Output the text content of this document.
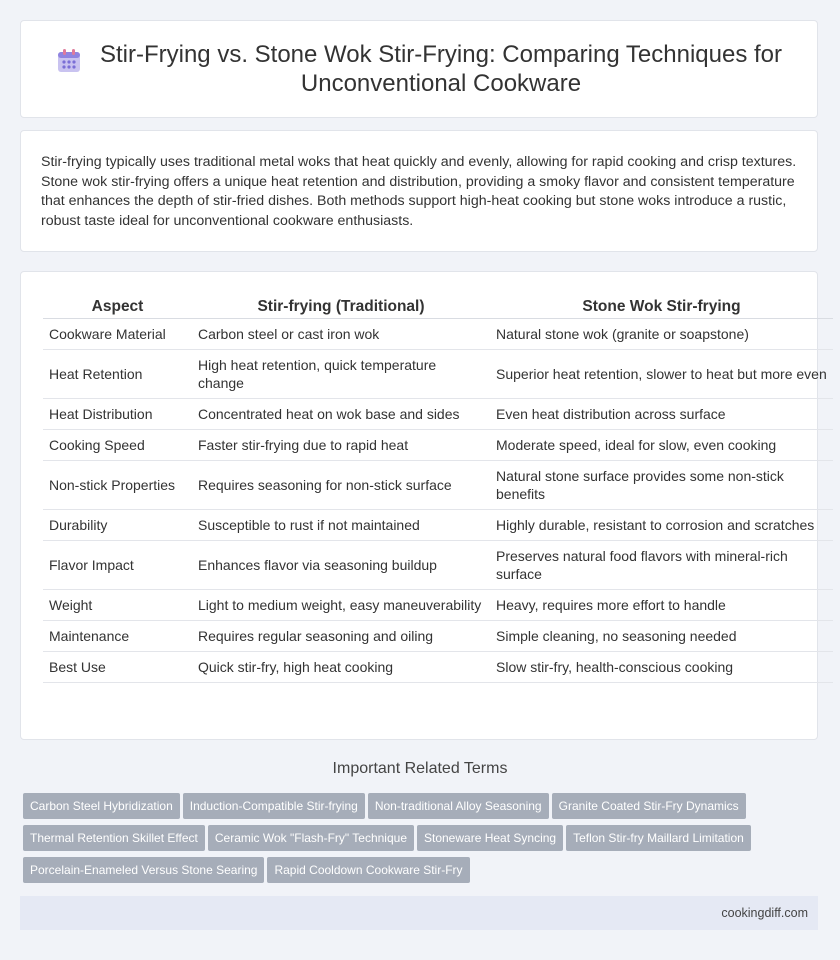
Stir-Frying vs. Stone Wok Stir-Frying: Comparing Techniques for
Unconventional Cookware

Stir-frying typically uses traditional metal woks that heat quickly and evenly, allowing for rapid cooking and crisp textures. Stone wok stir-frying offers a unique heat retention and distribution, providing a smoky flavor and consistent temperature that enhances the depth of stir-fried dishes. Both methods support high-heat cooking but stone woks introduce a rustic, robust taste ideal for unconventional cookware enthusiasts.

Aspect	Stir-frying (Traditional)	Stone Wok Stir-frying
Cookware Material	Carbon steel or cast iron wok	Natural stone wok (granite or soapstone)
Heat Retention	High heat retention, quick temperature change	Superior heat retention, slower to heat but more even
Heat Distribution	Concentrated heat on wok base and sides	Even heat distribution across surface
Cooking Speed	Faster stir-frying due to rapid heat	Moderate speed, ideal for slow, even cooking
Non-stick Properties	Requires seasoning for non-stick surface	Natural stone surface provides some non-stick benefits
Durability	Susceptible to rust if not maintained	Highly durable, resistant to corrosion and scratches
Flavor Impact	Enhances flavor via seasoning buildup	Preserves natural food flavors with mineral-rich surface
Weight	Light to medium weight, easy maneuverability	Heavy, requires more effort to handle
Maintenance	Requires regular seasoning and oiling	Simple cleaning, no seasoning needed
Best Use	Quick stir-fry, high heat cooking	Slow stir-fry, health-conscious cooking
Important Related Terms
Carbon Steel Hybridization Induction-Compatible Stir-frying Non-traditional Alloy Seasoning Granite Coated Stir-Fry Dynamics Thermal Retention Skillet Effect Ceramic Wok "Flash-Fry" Technique Stoneware Heat Syncing Teflon Stir-fry Maillard Limitation Porcelain-Enameled Versus Stone Searing Rapid Cooldown Cookware Stir-Fry
cookingdiff.com
